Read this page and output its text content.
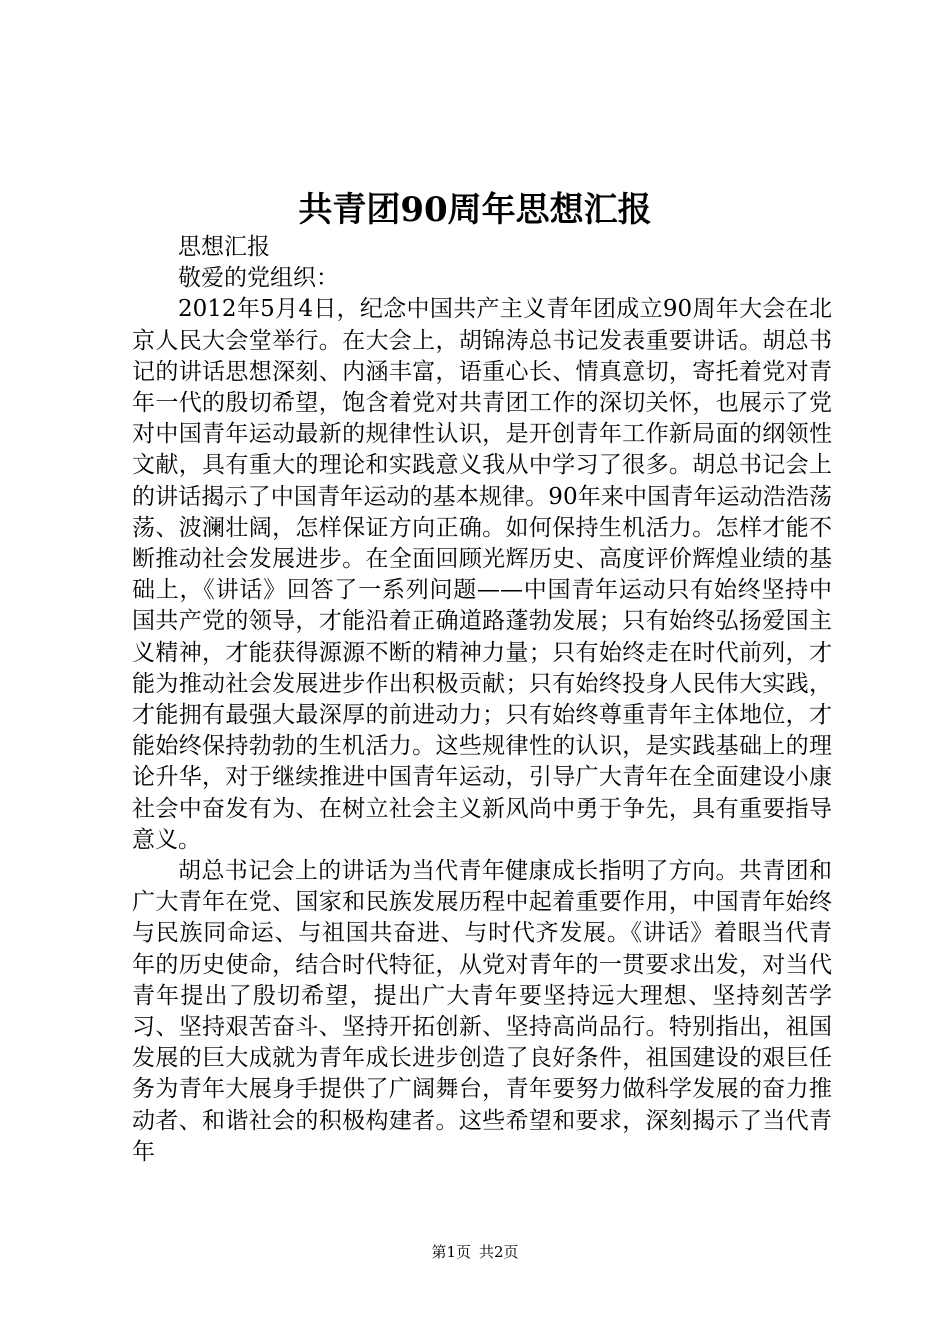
共青团90周年思想汇报

思想汇报

敬爱的党组织：

2012年5月4日，纪念中国共产主义青年团成立90周年大会在北京人民大会堂举行。在大会上，胡锦涛总书记发表重要讲话。胡总书记的讲话思想深刻、内涵丰富，语重心长、情真意切，寄托着党对青年一代的殷切希望，饱含着党对共青团工作的深切关怀，也展示了党对中国青年运动最新的规律性认识，是开创青年工作新局面的纲领性文献，具有重大的理论和实践意义我从中学习了很多。胡总书记会上的讲话揭示了中国青年运动的基本规律。90年来中国青年运动浩浩荡荡、波澜壮阔，怎样保证方向正确。如何保持生机活力。怎样才能不断推动社会发展进步。在全面回顾光辉历史、高度评价辉煌业绩的基础上，《讲话》回答了一系列问题——中国青年运动只有始终坚持中国共产党的领导，才能沿着正确道路蓬勃发展；只有始终弘扬爱国主义精神，才能获得源源不断的精神力量；只有始终走在时代前列，才能为推动社会发展进步作出积极贡献；只有始终投身人民伟大实践，才能拥有最强大最深厚的前进动力；只有始终尊重青年主体地位，才能始终保持勃勃的生机活力。这些规律性的认识，是实践基础上的理论升华，对于继续推进中国青年运动，引导广大青年在全面建设小康社会中奋发有为、在树立社会主义新风尚中勇于争先，具有重要指导意义。

胡总书记会上的讲话为当代青年健康成长指明了方向。共青团和广大青年在党、国家和民族发展历程中起着重要作用，中国青年始终与民族同命运、与祖国共奋进、与时代齐发展。《讲话》着眼当代青年的历史使命，结合时代特征，从党对青年的一贯要求出发，对当代青年提出了殷切希望，提出广大青年要坚持远大理想、坚持刻苦学习、坚持艰苦奋斗、坚持开拓创新、坚持高尚品行。特别指出，祖国发展的巨大成就为青年成长进步创造了良好条件，祖国建设的艰巨任务为青年大展身手提供了广阔舞台，青年要努力做科学发展的奋力推动者、和谐社会的积极构建者。这些希望和要求，深刻揭示了当代青年

第1页 共2页
